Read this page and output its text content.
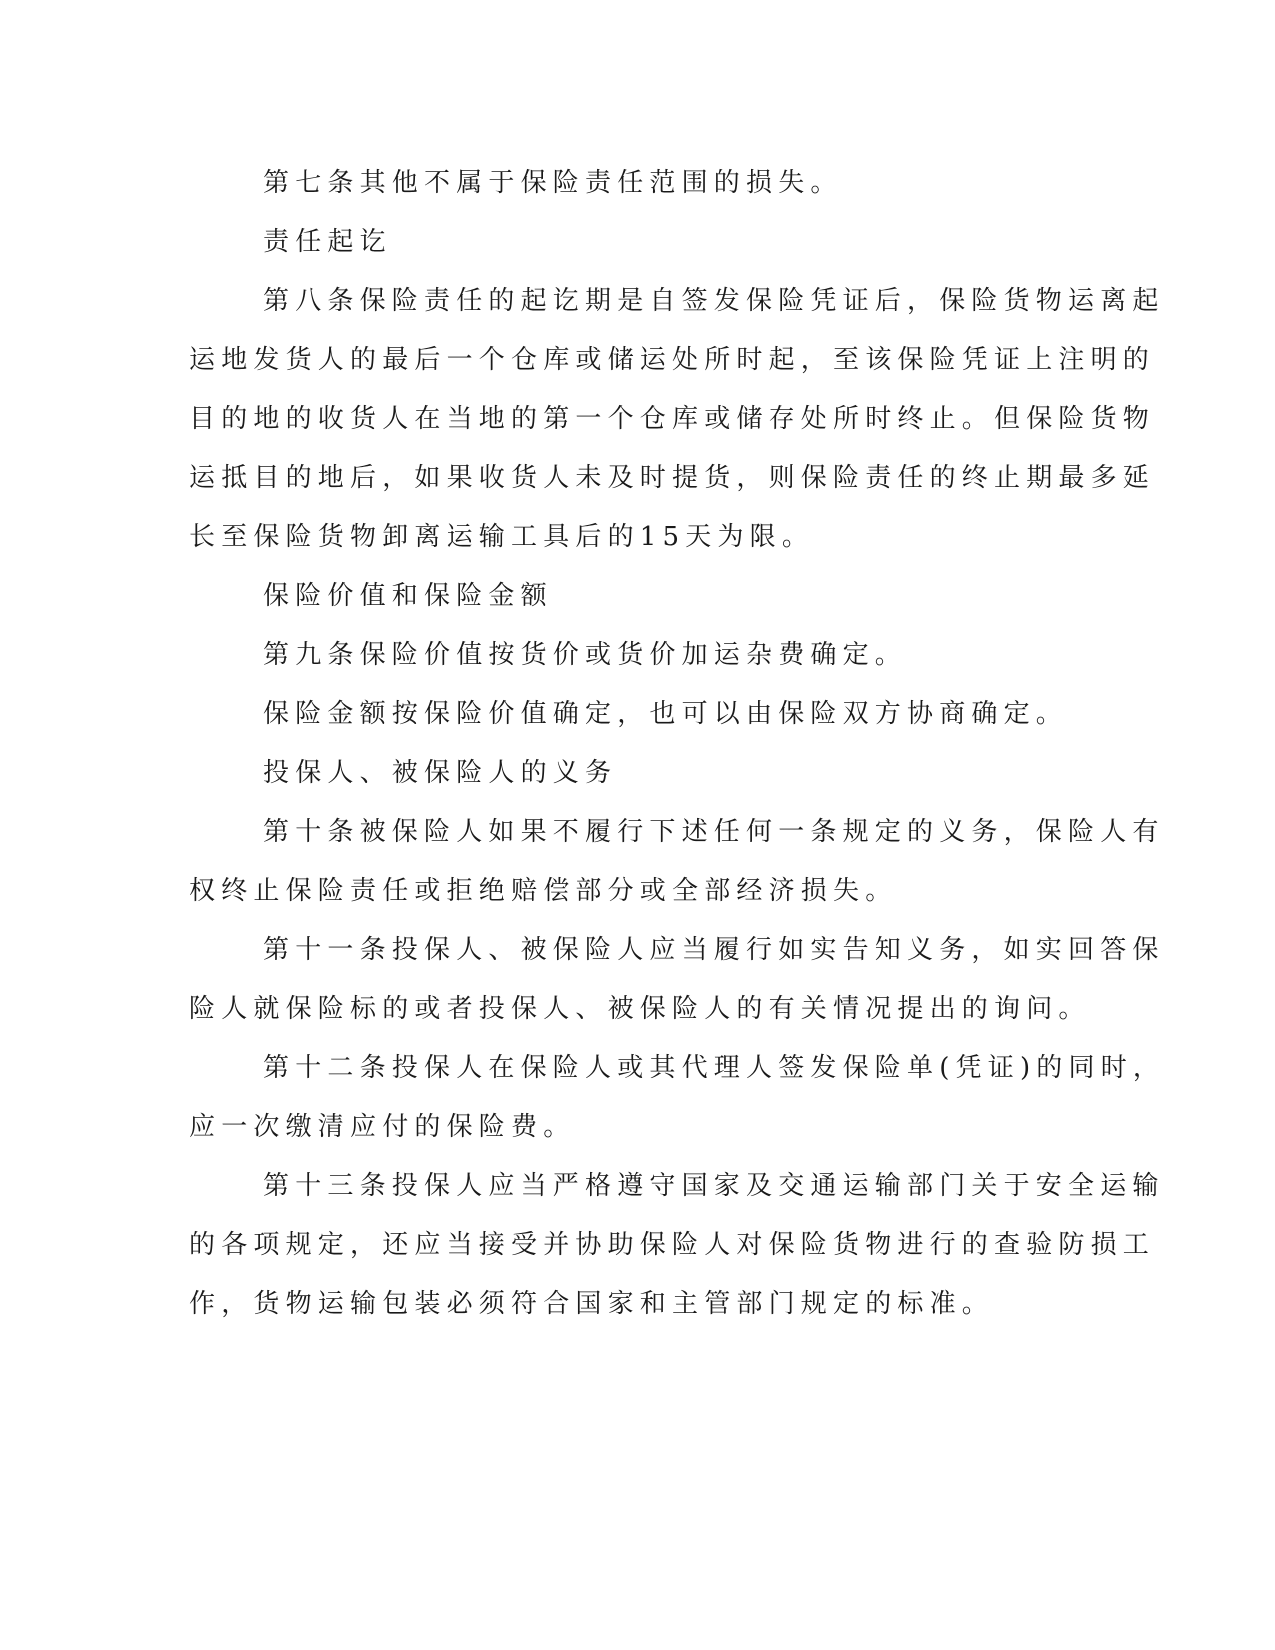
第七条其他不属于保险责任范围的损失。
责任起讫
第八条保险责任的起讫期是自签发保险凭证后，保险货物运离起
运地发货人的最后一个仓库或储运处所时起，至该保险凭证上注明的
目的地的收货人在当地的第一个仓库或储存处所时终止。但保险货物
运抵目的地后，如果收货人未及时提货，则保险责任的终止期最多延
长至保险货物卸离运输工具后的15天为限。
保险价值和保险金额
第九条保险价值按货价或货价加运杂费确定。
保险金额按保险价值确定，也可以由保险双方协商确定。
投保人、被保险人的义务
第十条被保险人如果不履行下述任何一条规定的义务，保险人有
权终止保险责任或拒绝赔偿部分或全部经济损失。
第十一条投保人、被保险人应当履行如实告知义务，如实回答保
险人就保险标的或者投保人、被保险人的有关情况提出的询问。
第十二条投保人在保险人或其代理人签发保险单(凭证)的同时，
应一次缴清应付的保险费。
第十三条投保人应当严格遵守国家及交通运输部门关于安全运输
的各项规定，还应当接受并协助保险人对保险货物进行的查验防损工
作，货物运输包装必须符合国家和主管部门规定的标准。
